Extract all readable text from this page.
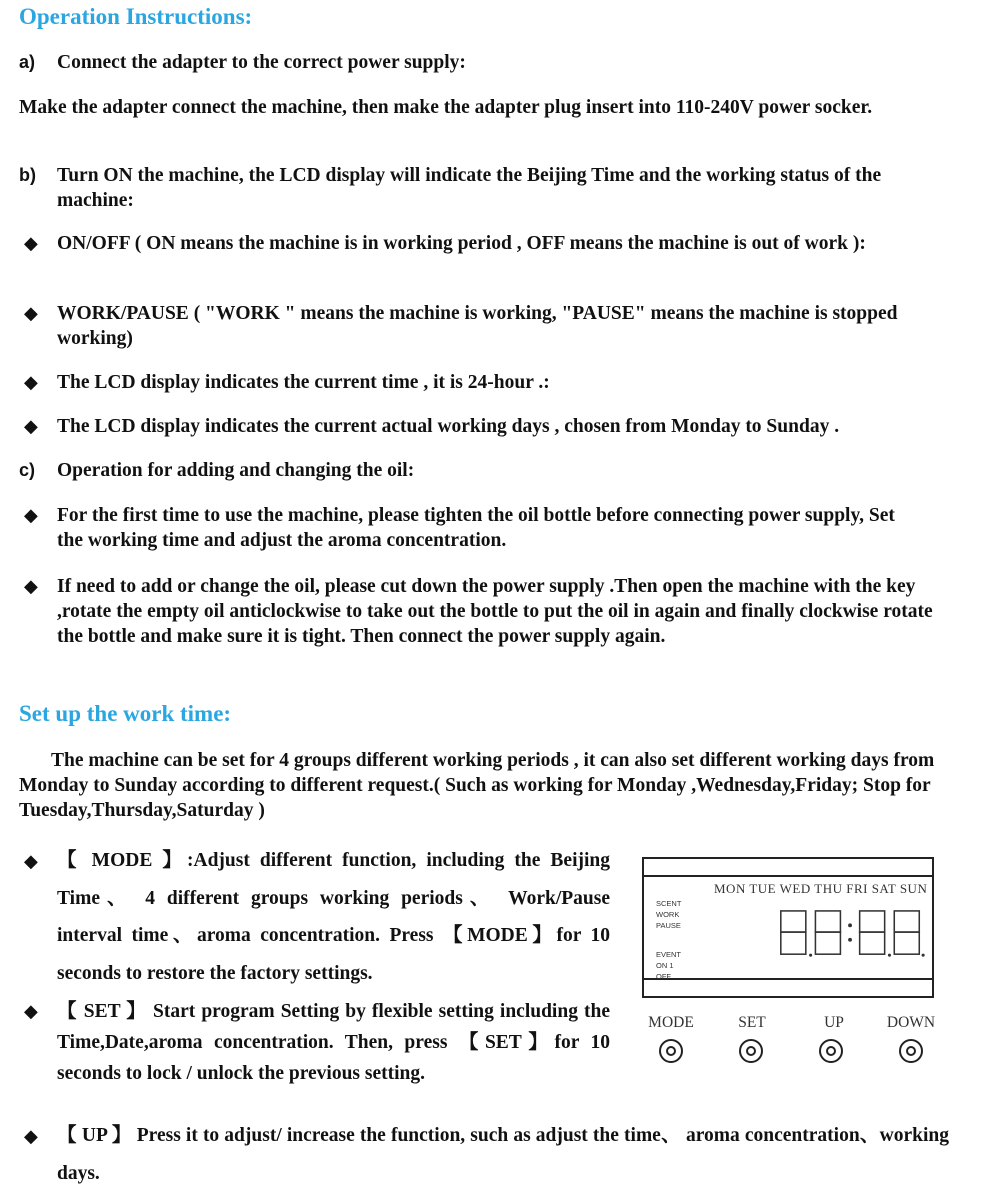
Operation Instructions:
a) Connect the adapter to the correct power supply:
Make the adapter connect the machine, then make the adapter plug insert into 110-240V power socker.
b) Turn ON the machine, the LCD display will indicate the Beijing Time and the working status of the machine:
◆ ON/OFF ( ON means the machine is in working period , OFF means the machine is out of work ):
◆ WORK/PAUSE ( "WORK " means the machine is working, "PAUSE" means the machine is stopped working)
◆ The LCD display indicates the current time , it is 24-hour .:
◆ The LCD display indicates the current actual working days , chosen from Monday to Sunday .
c) Operation for adding and changing the oil:
◆ For the first time to use the machine, please tighten the oil bottle before connecting power supply, Set the working time and adjust the aroma concentration.
◆ If need to add or change the oil, please cut down the power supply .Then open the machine with the key ,rotate the empty oil anticlockwise to take out the bottle to put the oil in again and finally clockwise rotate the bottle and make sure it is tight. Then connect the power supply again.
Set up the work time:
The machine can be set for 4 groups different working periods , it can also set different working days from Monday to Sunday according to different request.( Such as working for Monday ,Wednesday,Friday; Stop for Tuesday,Thursday,Saturday )
◆ 【 MODE 】:Adjust different function, including the Beijing Time、 4 different groups working periods、 Work/Pause interval time、aroma concentration. Press 【MODE】for 10 seconds to restore the factory settings.
◆ 【 SET 】 Start program Setting by flexible setting including the Time,Date,aroma concentration. Then, press 【SET】for 10 seconds to lock / unlock the previous setting.
◆ 【 UP 】 Press it to adjust/ increase the function, such as adjust the time、 aroma concentration、working days.
MON TUE WED THU FRI SAT SUN
SCENT
WORK
PAUSE
EVENT
ON 1
OFF
MODE	SET	UP	DOWN
